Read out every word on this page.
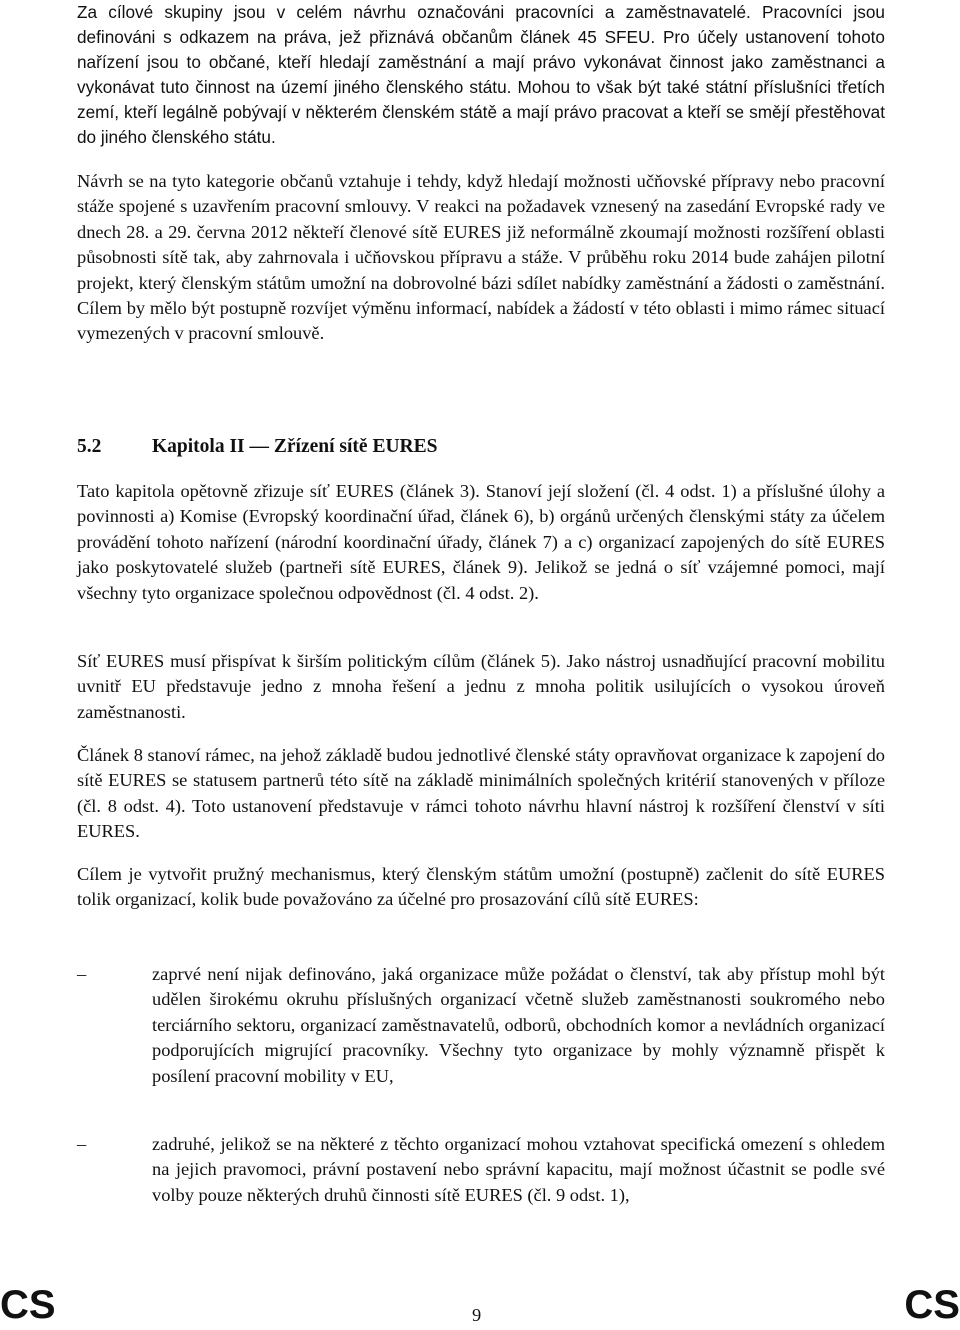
Za cílové skupiny jsou v celém návrhu označováni pracovníci a zaměstnavatelé. Pracovníci jsou definováni s odkazem na práva, jež přiznává občanům článek 45 SFEU. Pro účely ustanovení tohoto nařízení jsou to občané, kteří hledají zaměstnání a mají právo vykonávat činnost jako zaměstnanci a vykonávat tuto činnost na území jiného členského státu. Mohou to však být také státní příslušníci třetích zemí, kteří legálně pobývají v některém členském státě a mají právo pracovat a kteří se smějí přestěhovat do jiného členského státu.

Návrh se na tyto kategorie občanů vztahuje i tehdy, když hledají možnosti učňovské přípravy nebo pracovní stáže spojené s uzavřením pracovní smlouvy. V reakci na požadavek vznesený na zasedání Evropské rady ve dnech 28. a 29. června 2012 někteří členové sítě EURES již neformálně zkoumají možnosti rozšíření oblasti působnosti sítě tak, aby zahrnovala i učňovskou přípravu a stáže. V průběhu roku 2014 bude zahájen pilotní projekt, který členským státům umožní na dobrovolné bázi sdílet nabídky zaměstnání a žádosti o zaměstnání. Cílem by mělo být postupně rozvíjet výměnu informací, nabídek a žádostí v této oblasti i mimo rámec situací vymezených v pracovní smlouvě.

5.2	Kapitola II — Zřízení sítě EURES

Tato kapitola opětovně zřizuje síť EURES (článek 3). Stanoví její složení (čl. 4 odst. 1) a příslušné úlohy a povinnosti a) Komise (Evropský koordinační úřad, článek 6), b) orgánů určených členskými státy za účelem provádění tohoto nařízení (národní koordinační úřady, článek 7) a c) organizací zapojených do sítě EURES jako poskytovatelé služeb (partneři sítě EURES, článek 9). Jelikož se jedná o síť vzájemné pomoci, mají všechny tyto organizace společnou odpovědnost (čl. 4 odst. 2).

Síť EURES musí přispívat k širším politickým cílům (článek 5). Jako nástroj usnadňující pracovní mobilitu uvnitř EU představuje jedno z mnoha řešení a jednu z mnoha politik usilujících o vysokou úroveň zaměstnanosti.

Článek 8 stanoví rámec, na jehož základě budou jednotlivé členské státy opravňovat organizace k zapojení do sítě EURES se statusem partnerů této sítě na základě minimálních společných kritérií stanovených v příloze (čl. 8 odst. 4). Toto ustanovení představuje v rámci tohoto návrhu hlavní nástroj k rozšíření členství v síti EURES.

Cílem je vytvořit pružný mechanismus, který členským státům umožní (postupně) začlenit do sítě EURES tolik organizací, kolik bude považováno za účelné pro prosazování cílů sítě EURES:

–	zaprvé není nijak definováno, jaká organizace může požádat o členství, tak aby přístup mohl být udělen širokému okruhu příslušných organizací včetně služeb zaměstnanosti soukromého nebo terciárního sektoru, organizací zaměstnavatelů, odborů, obchodních komor a nevládních organizací podporujících migrující pracovníky. Všechny tyto organizace by mohly významně přispět k posílení pracovní mobility v EU,

–	zadruhé, jelikož se na některé z těchto organizací mohou vztahovat specifická omezení s ohledem na jejich pravomoci, právní postavení nebo správní kapacitu, mají možnost účastnit se podle své volby pouze některých druhů činnosti sítě EURES (čl. 9 odst. 1),

CS	9	CS
